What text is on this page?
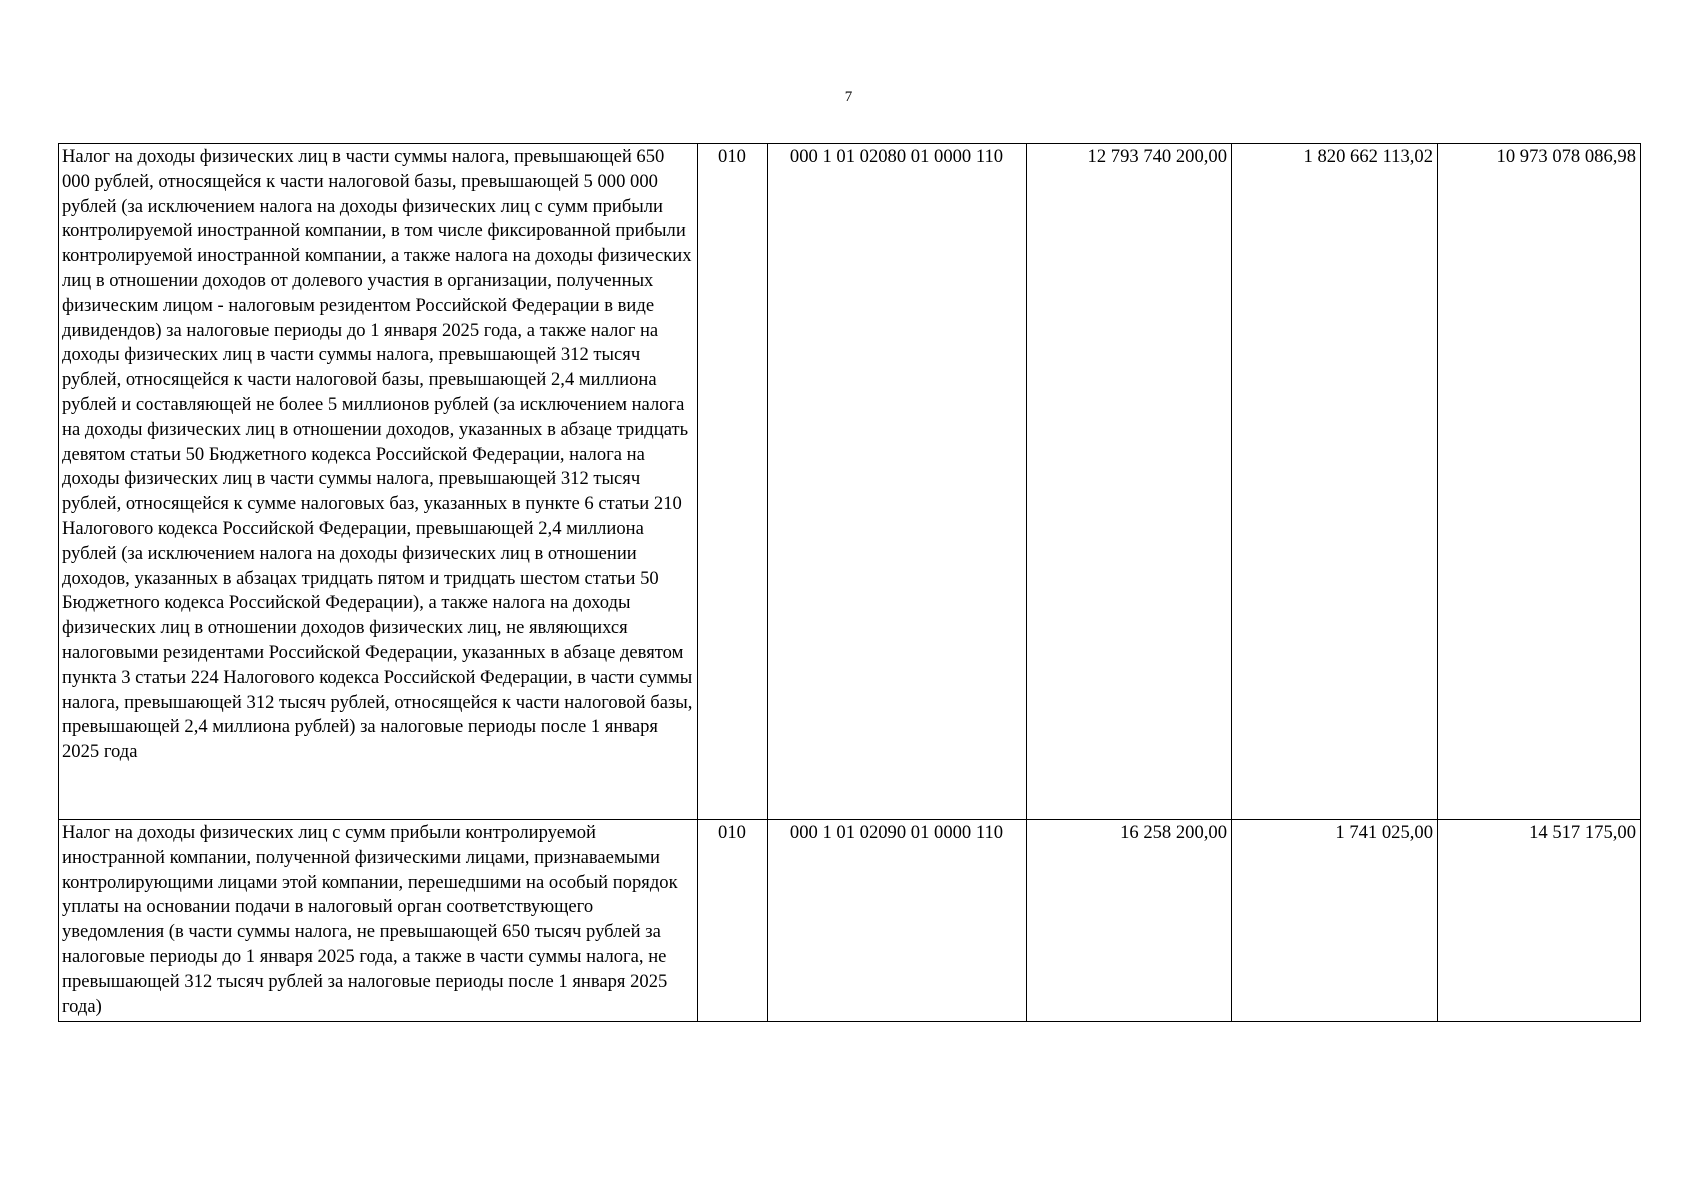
7
Налог на доходы физических лиц в части суммы налога, превышающей 650 000 рублей, относящейся к части налоговой базы, превышающей 5 000 000 рублей (за исключением налога на доходы физических лиц с сумм прибыли контролируемой иностранной компании, в том числе фиксированной прибыли контролируемой иностранной компании, а также налога на доходы физических лиц в отношении доходов от долевого участия в организации, полученных физическим лицом - налоговым резидентом Российской Федерации в виде дивидендов) за налоговые периоды до 1 января 2025 года, а также налог на доходы физических лиц в части суммы налога, превышающей 312 тысяч рублей, относящейся к части налоговой базы, превышающей 2,4 миллиона рублей и составляющей не более 5 миллионов рублей (за исключением налога на доходы физических лиц в отношении доходов, указанных в абзаце тридцать девятом статьи 50 Бюджетного кодекса Российской Федерации, налога на доходы физических лиц в части суммы налога, превышающей 312 тысяч рублей, относящейся к сумме налоговых баз, указанных в пункте 6 статьи 210 Налогового кодекса Российской Федерации, превышающей 2,4 миллиона рублей (за исключением налога на доходы физических лиц в отношении доходов, указанных в абзацах тридцать пятом и тридцать шестом статьи 50 Бюджетного кодекса Российской Федерации), а также налога на доходы физических лиц в отношении доходов физических лиц, не являющихся налоговыми резидентами Российской Федерации, указанных в абзаце девятом пункта 3 статьи 224 Налогового кодекса Российской Федерации, в части суммы налога, превышающей 312 тысяч рублей, относящейся к части налоговой базы, превышающей 2,4 миллиона рублей) за налоговые периоды после 1 января 2025 года	010	000 1 01 02080 01 0000 110	12 793 740 200,00	1 820 662 113,02	10 973 078 086,98
Налог на доходы физических лиц с сумм прибыли контролируемой иностранной компании, полученной физическими лицами, признаваемыми контролирующими лицами этой компании, перешедшими на особый порядок уплаты на основании подачи в налоговый орган соответствующего уведомления (в части суммы налога, не превышающей 650 тысяч рублей за налоговые периоды до 1 января 2025 года, а также в части суммы налога, не превышающей 312 тысяч рублей за налоговые периоды после 1 января 2025 года)	010	000 1 01 02090 01 0000 110	16 258 200,00	1 741 025,00	14 517 175,00
